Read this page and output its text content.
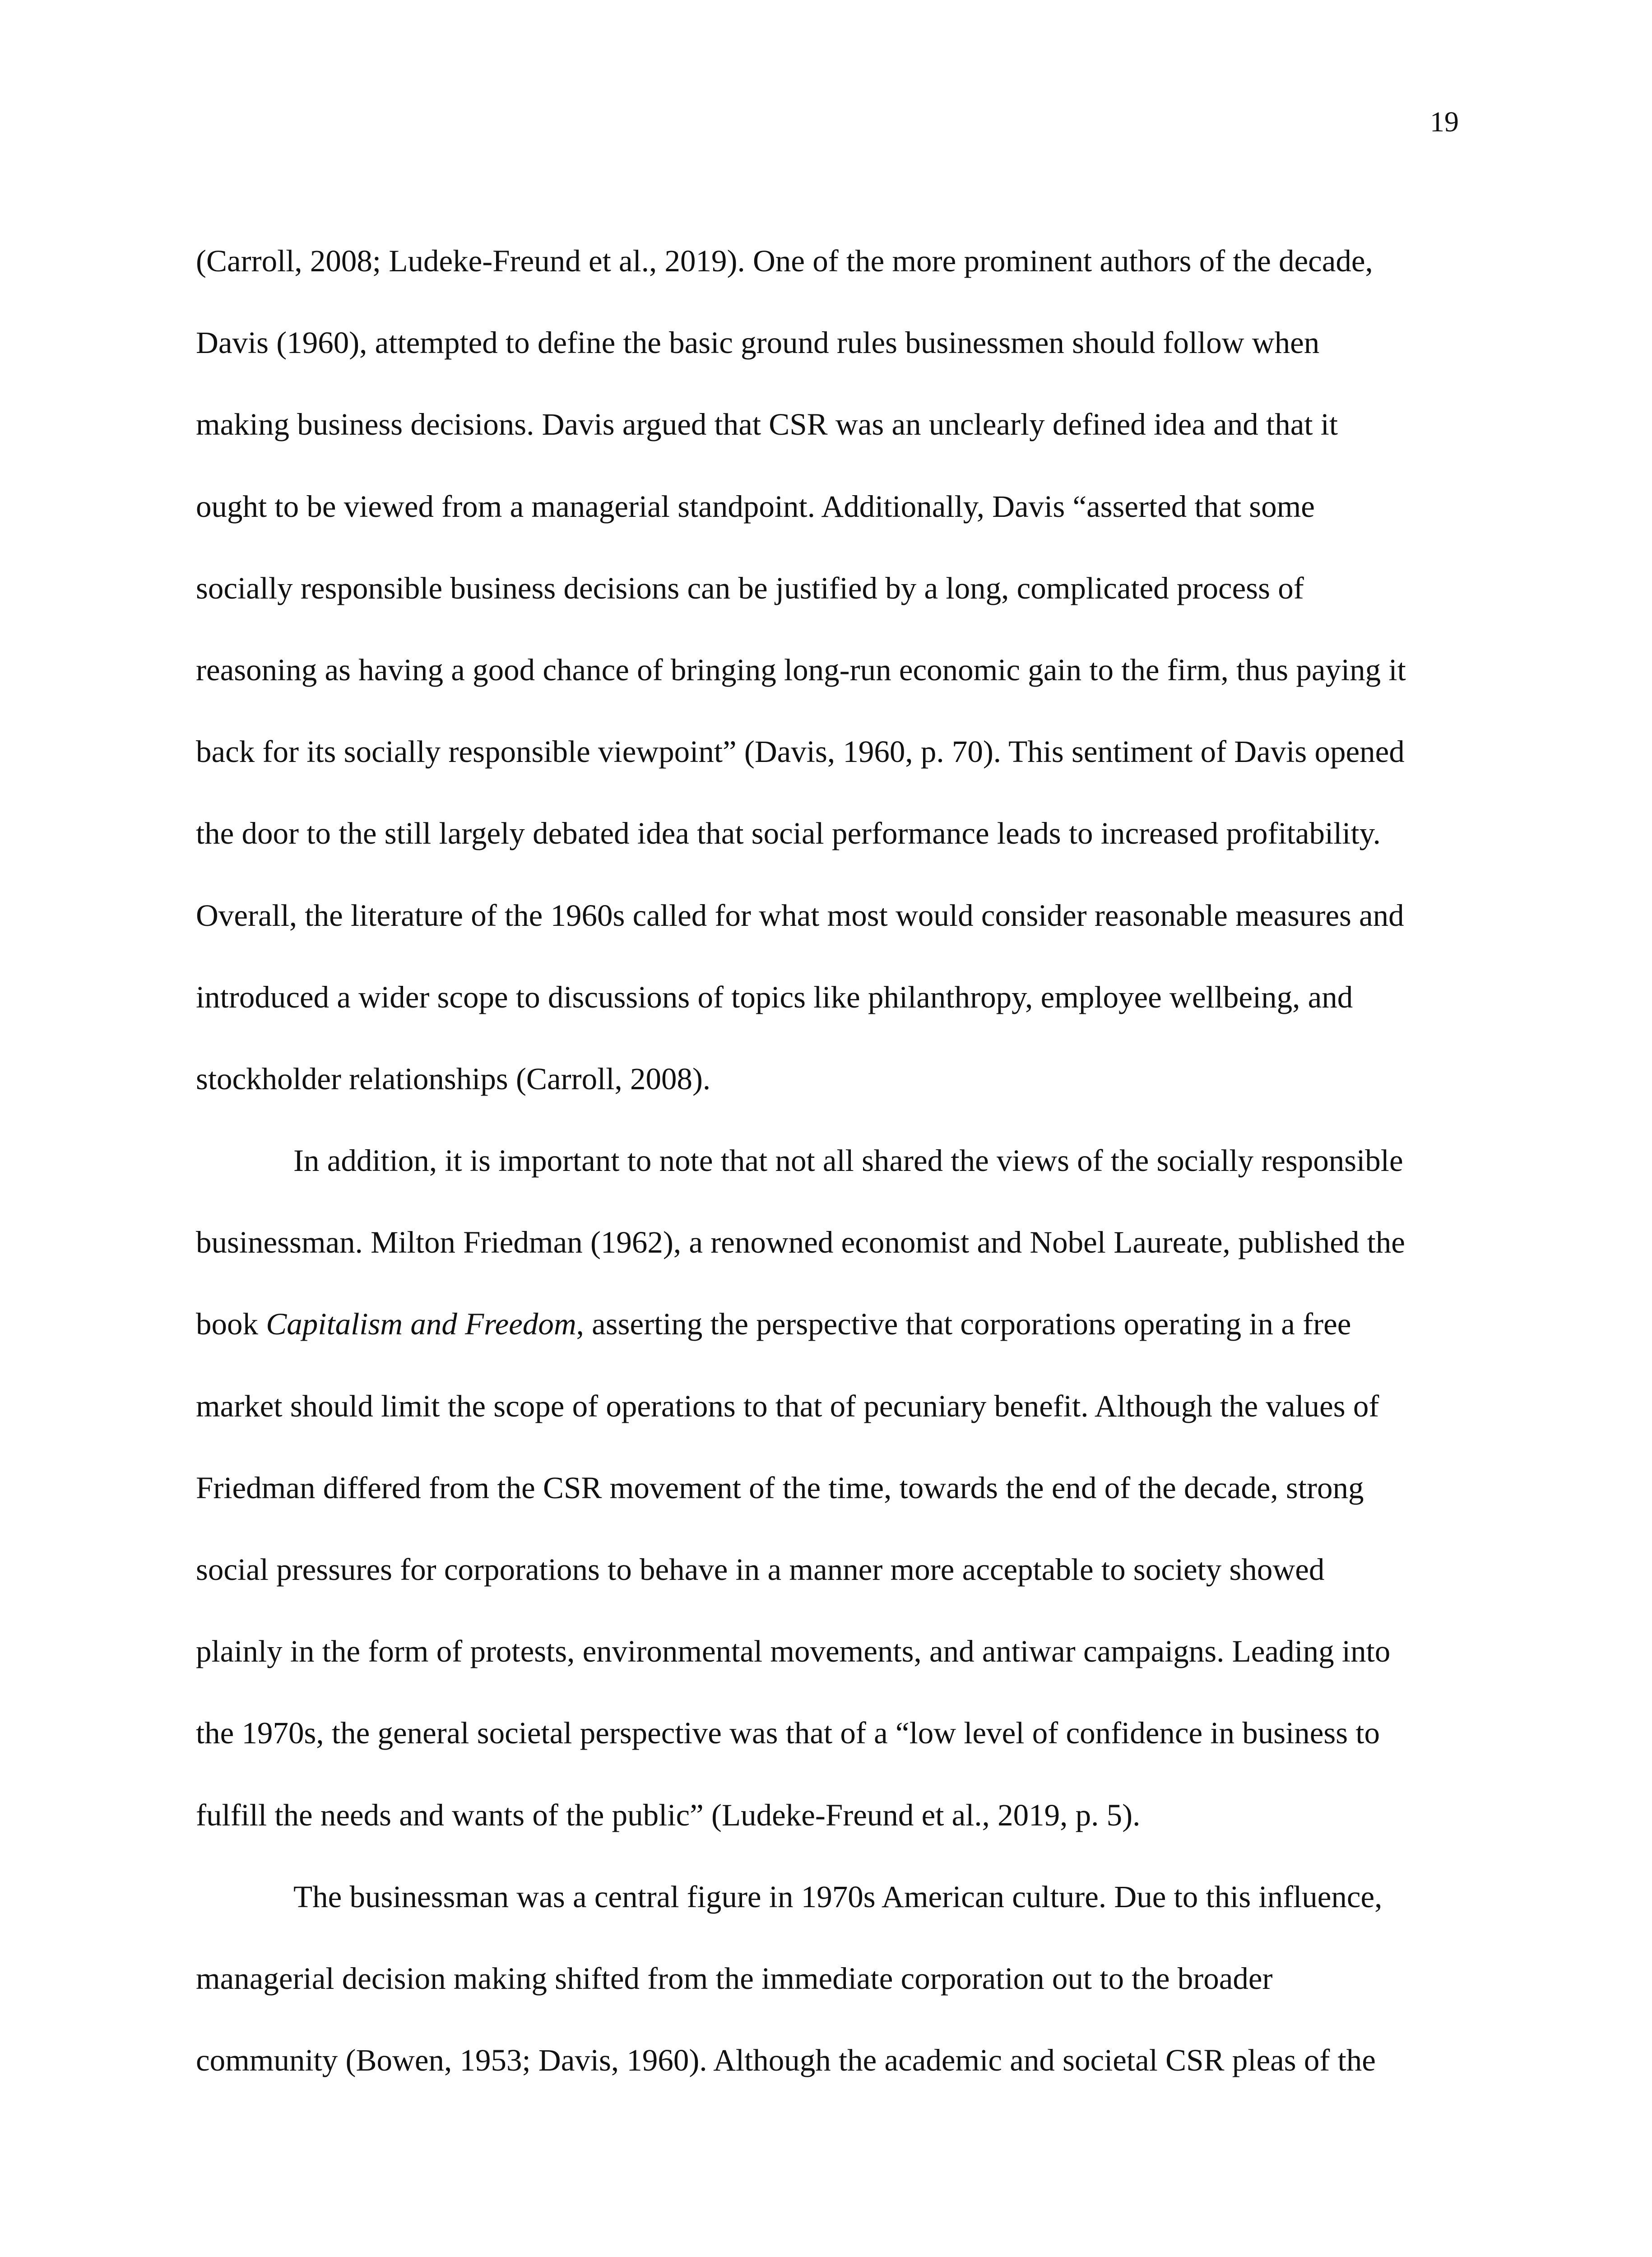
19
(Carroll, 2008; Ludeke-Freund et al., 2019). One of the more prominent authors of the decade,
Davis (1960), attempted to define the basic ground rules businessmen should follow when
making business decisions. Davis argued that CSR was an unclearly defined idea and that it
ought to be viewed from a managerial standpoint. Additionally, Davis “asserted that some
socially responsible business decisions can be justified by a long, complicated process of
reasoning as having a good chance of bringing long-run economic gain to the firm, thus paying it
back for its socially responsible viewpoint” (Davis, 1960, p. 70). This sentiment of Davis opened
the door to the still largely debated idea that social performance leads to increased profitability.
Overall, the literature of the 1960s called for what most would consider reasonable measures and
introduced a wider scope to discussions of topics like philanthropy, employee wellbeing, and
stockholder relationships (Carroll, 2008).
In addition, it is important to note that not all shared the views of the socially responsible
businessman. Milton Friedman (1962), a renowned economist and Nobel Laureate, published the
book Capitalism and Freedom, asserting the perspective that corporations operating in a free
market should limit the scope of operations to that of pecuniary benefit. Although the values of
Friedman differed from the CSR movement of the time, towards the end of the decade, strong
social pressures for corporations to behave in a manner more acceptable to society showed
plainly in the form of protests, environmental movements, and antiwar campaigns. Leading into
the 1970s, the general societal perspective was that of a “low level of confidence in business to
fulfill the needs and wants of the public” (Ludeke-Freund et al., 2019, p. 5).
The businessman was a central figure in 1970s American culture. Due to this influence,
managerial decision making shifted from the immediate corporation out to the broader
community (Bowen, 1953; Davis, 1960). Although the academic and societal CSR pleas of the
